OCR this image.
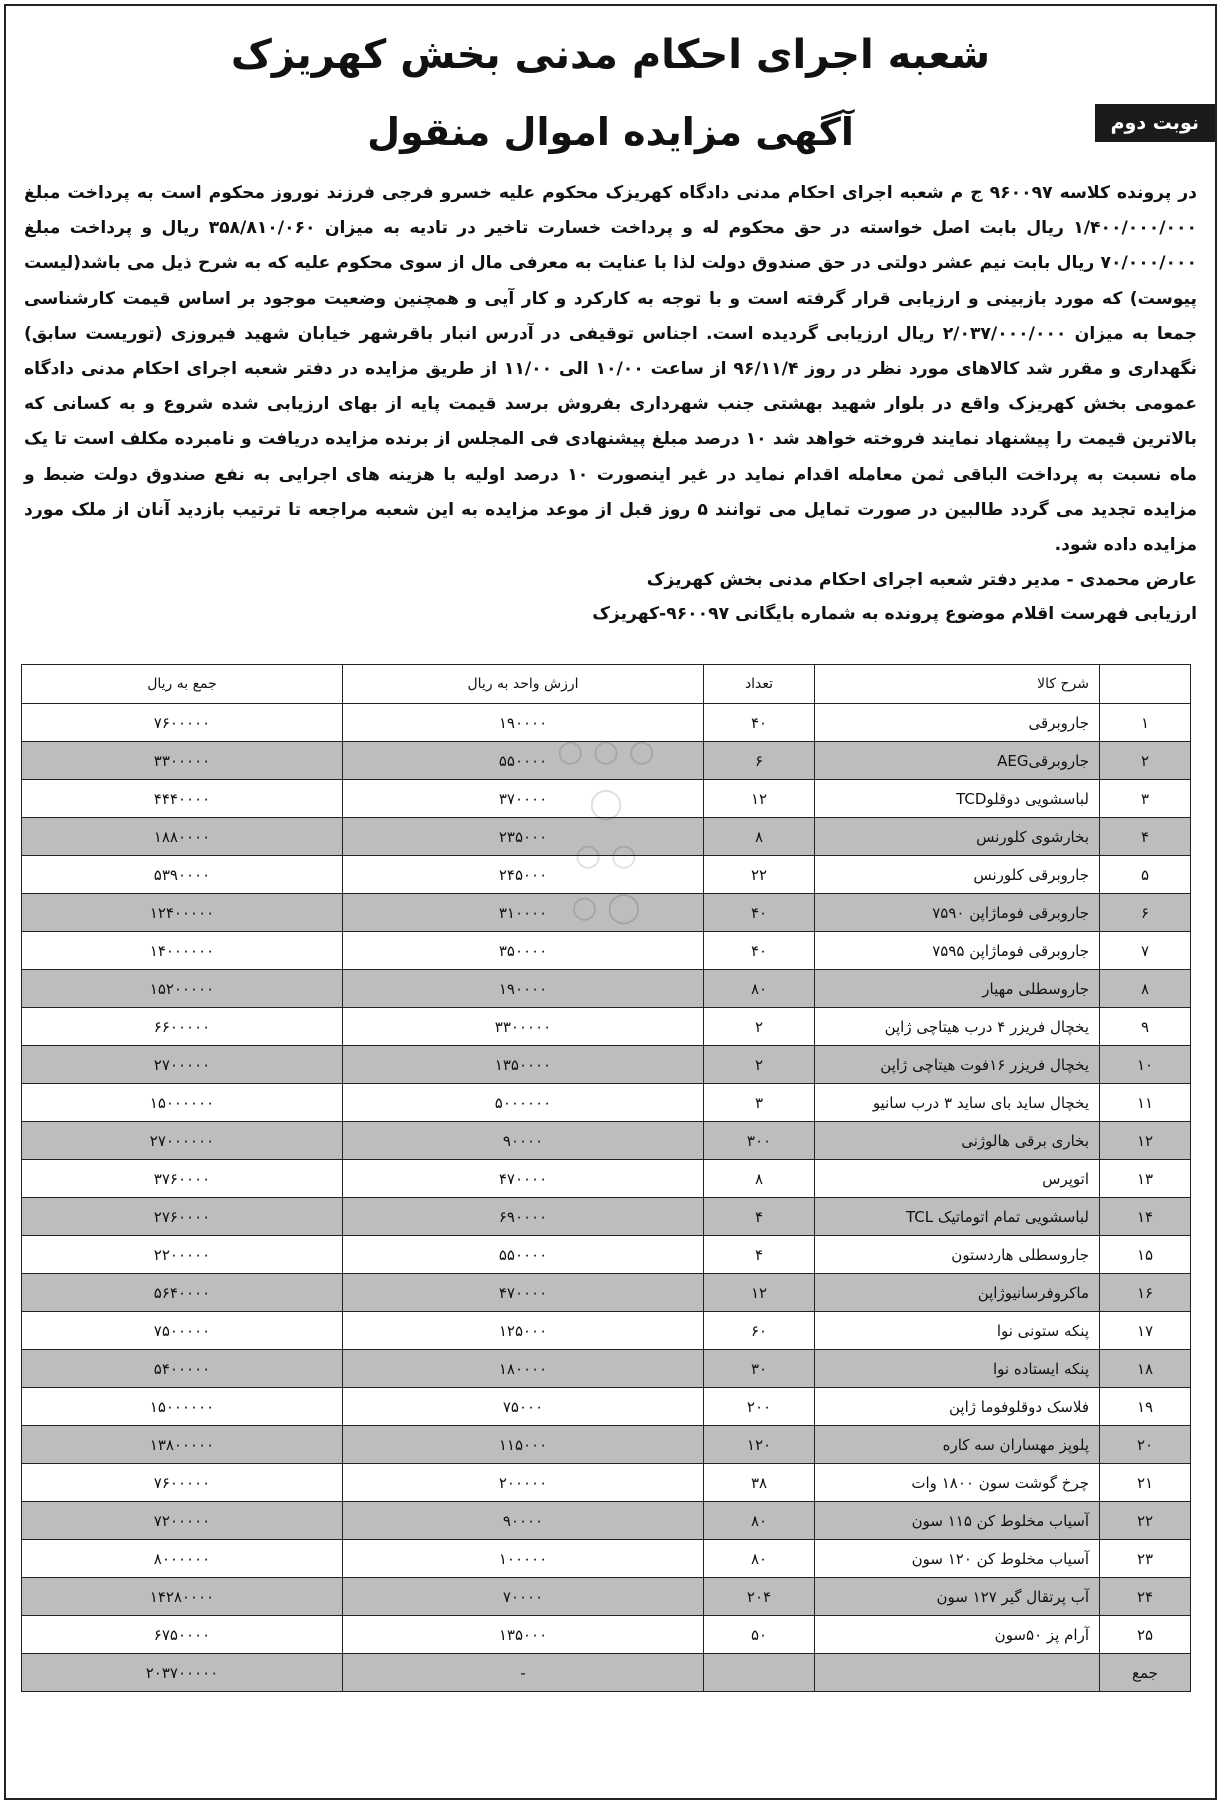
شعبه اجرای احکام مدنی بخش کهریزک
نوبت دوم
آگهی مزایده اموال منقول
در پرونده کلاسه ۹۶۰۰۹۷ ج م شعبه اجرای احکام مدنی دادگاه کهریزک محکوم علیه خسرو فرجی فرزند نوروز محکوم است به پرداخت مبلغ ۱/۴۰۰/۰۰۰/۰۰۰ ریال بابت اصل خواسته در حق محکوم له و پرداخت خسارت تاخیر در تادیه به میزان ۳۵۸/۸۱۰/۰۶۰ ریال و پرداخت مبلغ ۷۰/۰۰۰/۰۰۰ ریال بابت نیم عشر دولتی در حق صندوق دولت لذا با عنایت به معرفی مال از سوی محکوم علیه که به شرح ذیل می باشد(لیست پیوست) که مورد بازبینی و ارزیابی قرار گرفته است و با توجه به کارکرد و کار آیی و همچنین وضعیت موجود بر اساس قیمت کارشناسی جمعا به میزان ۲/۰۳۷/۰۰۰/۰۰۰ ریال ارزیابی گردیده است. اجناس توقیفی در آدرس انبار باقرشهر خیابان شهید فیروزی (توریست سابق) نگهداری و مقرر شد کالاهای مورد نظر در روز ۹۶/۱۱/۴ از ساعت ۱۰/۰۰ الی ۱۱/۰۰ از طریق مزایده در دفتر شعبه اجرای احکام مدنی دادگاه عمومی بخش کهریزک واقع در بلوار شهید بهشتی جنب شهرداری بفروش برسد قیمت پایه از بهای ارزیابی شده شروع و به کسانی که بالاترین قیمت را پیشنهاد نمایند فروخته خواهد شد ۱۰ درصد مبلغ پیشنهادی فی المجلس از برنده مزایده دریافت و نامبرده مکلف است تا یک ماه نسبت به پرداخت الباقی ثمن معامله اقدام نماید در غیر اینصورت ۱۰ درصد اولیه با هزینه های اجرایی به نفع صندوق دولت ضبط و مزایده تجدید می گردد طالبین در صورت تمایل می توانند ۵ روز قبل از موعد مزایده به این شعبه مراجعه تا ترتیب بازدید آنان از ملک مورد مزایده داده شود.
عارض محمدی - مدیر دفتر شعبه اجرای احکام مدنی بخش کهریزک
ارزیابی فهرست اقلام موضوع پرونده به شماره بایگانی ۹۶۰۰۹۷-کهریزک
	شرح کالا	تعداد	ارزش واحد به ریال	جمع به ریال
۱	جاروبرقی	۴۰	۱۹۰۰۰۰	۷۶۰۰۰۰۰
۲	جاروبرقیAEG	۶	۵۵۰۰۰۰	۳۳۰۰۰۰۰
۳	لباسشویی دوقلوTCD	۱۲	۳۷۰۰۰۰	۴۴۴۰۰۰۰
۴	بخارشوی کلورنس	۸	۲۳۵۰۰۰	۱۸۸۰۰۰۰
۵	جاروبرقی کلورنس	۲۲	۲۴۵۰۰۰	۵۳۹۰۰۰۰
۶	جاروبرقی فوماژاپن ۷۵۹۰	۴۰	۳۱۰۰۰۰	۱۲۴۰۰۰۰۰
۷	جاروبرقی فوماژاپن ۷۵۹۵	۴۰	۳۵۰۰۰۰	۱۴۰۰۰۰۰۰
۸	جاروسطلی مهیار	۸۰	۱۹۰۰۰۰	۱۵۲۰۰۰۰۰
۹	یخچال فریزر ۴ درب هیتاچی ژاپن	۲	۳۳۰۰۰۰۰	۶۶۰۰۰۰۰
۱۰	یخچال فریزر ۱۶فوت هیتاچی ژاپن	۲	۱۳۵۰۰۰۰	۲۷۰۰۰۰۰
۱۱	یخچال ساید بای ساید ۳ درب سانیو	۳	۵۰۰۰۰۰۰	۱۵۰۰۰۰۰۰
۱۲	بخاری برقی هالوژنی	۳۰۰	۹۰۰۰۰	۲۷۰۰۰۰۰۰
۱۳	اتوپرس	۸	۴۷۰۰۰۰	۳۷۶۰۰۰۰
۱۴	لباسشویی تمام اتوماتیک TCL	۴	۶۹۰۰۰۰	۲۷۶۰۰۰۰
۱۵	جاروسطلی هاردستون	۴	۵۵۰۰۰۰	۲۲۰۰۰۰۰
۱۶	ماکروفرسانیوژاپن	۱۲	۴۷۰۰۰۰	۵۶۴۰۰۰۰
۱۷	پنکه ستونی نوا	۶۰	۱۲۵۰۰۰	۷۵۰۰۰۰۰
۱۸	پنکه ایستاده نوا	۳۰	۱۸۰۰۰۰	۵۴۰۰۰۰۰
۱۹	فلاسک دوقلوفوما ژاپن	۲۰۰	۷۵۰۰۰	۱۵۰۰۰۰۰۰
۲۰	پلوپز مهساران سه کاره	۱۲۰	۱۱۵۰۰۰	۱۳۸۰۰۰۰۰
۲۱	چرخ گوشت سون ۱۸۰۰ وات	۳۸	۲۰۰۰۰۰	۷۶۰۰۰۰۰
۲۲	آسیاب مخلوط کن ۱۱۵ سون	۸۰	۹۰۰۰۰	۷۲۰۰۰۰۰
۲۳	آسیاب مخلوط کن ۱۲۰ سون	۸۰	۱۰۰۰۰۰	۸۰۰۰۰۰۰
۲۴	آب پرتقال گیر ۱۲۷ سون	۲۰۴	۷۰۰۰۰	۱۴۲۸۰۰۰۰
۲۵	آرام پز ۵۰سون	۵۰	۱۳۵۰۰۰	۶۷۵۰۰۰۰
جمع			-	۲۰۳۷۰۰۰۰۰

◯
○ ○
